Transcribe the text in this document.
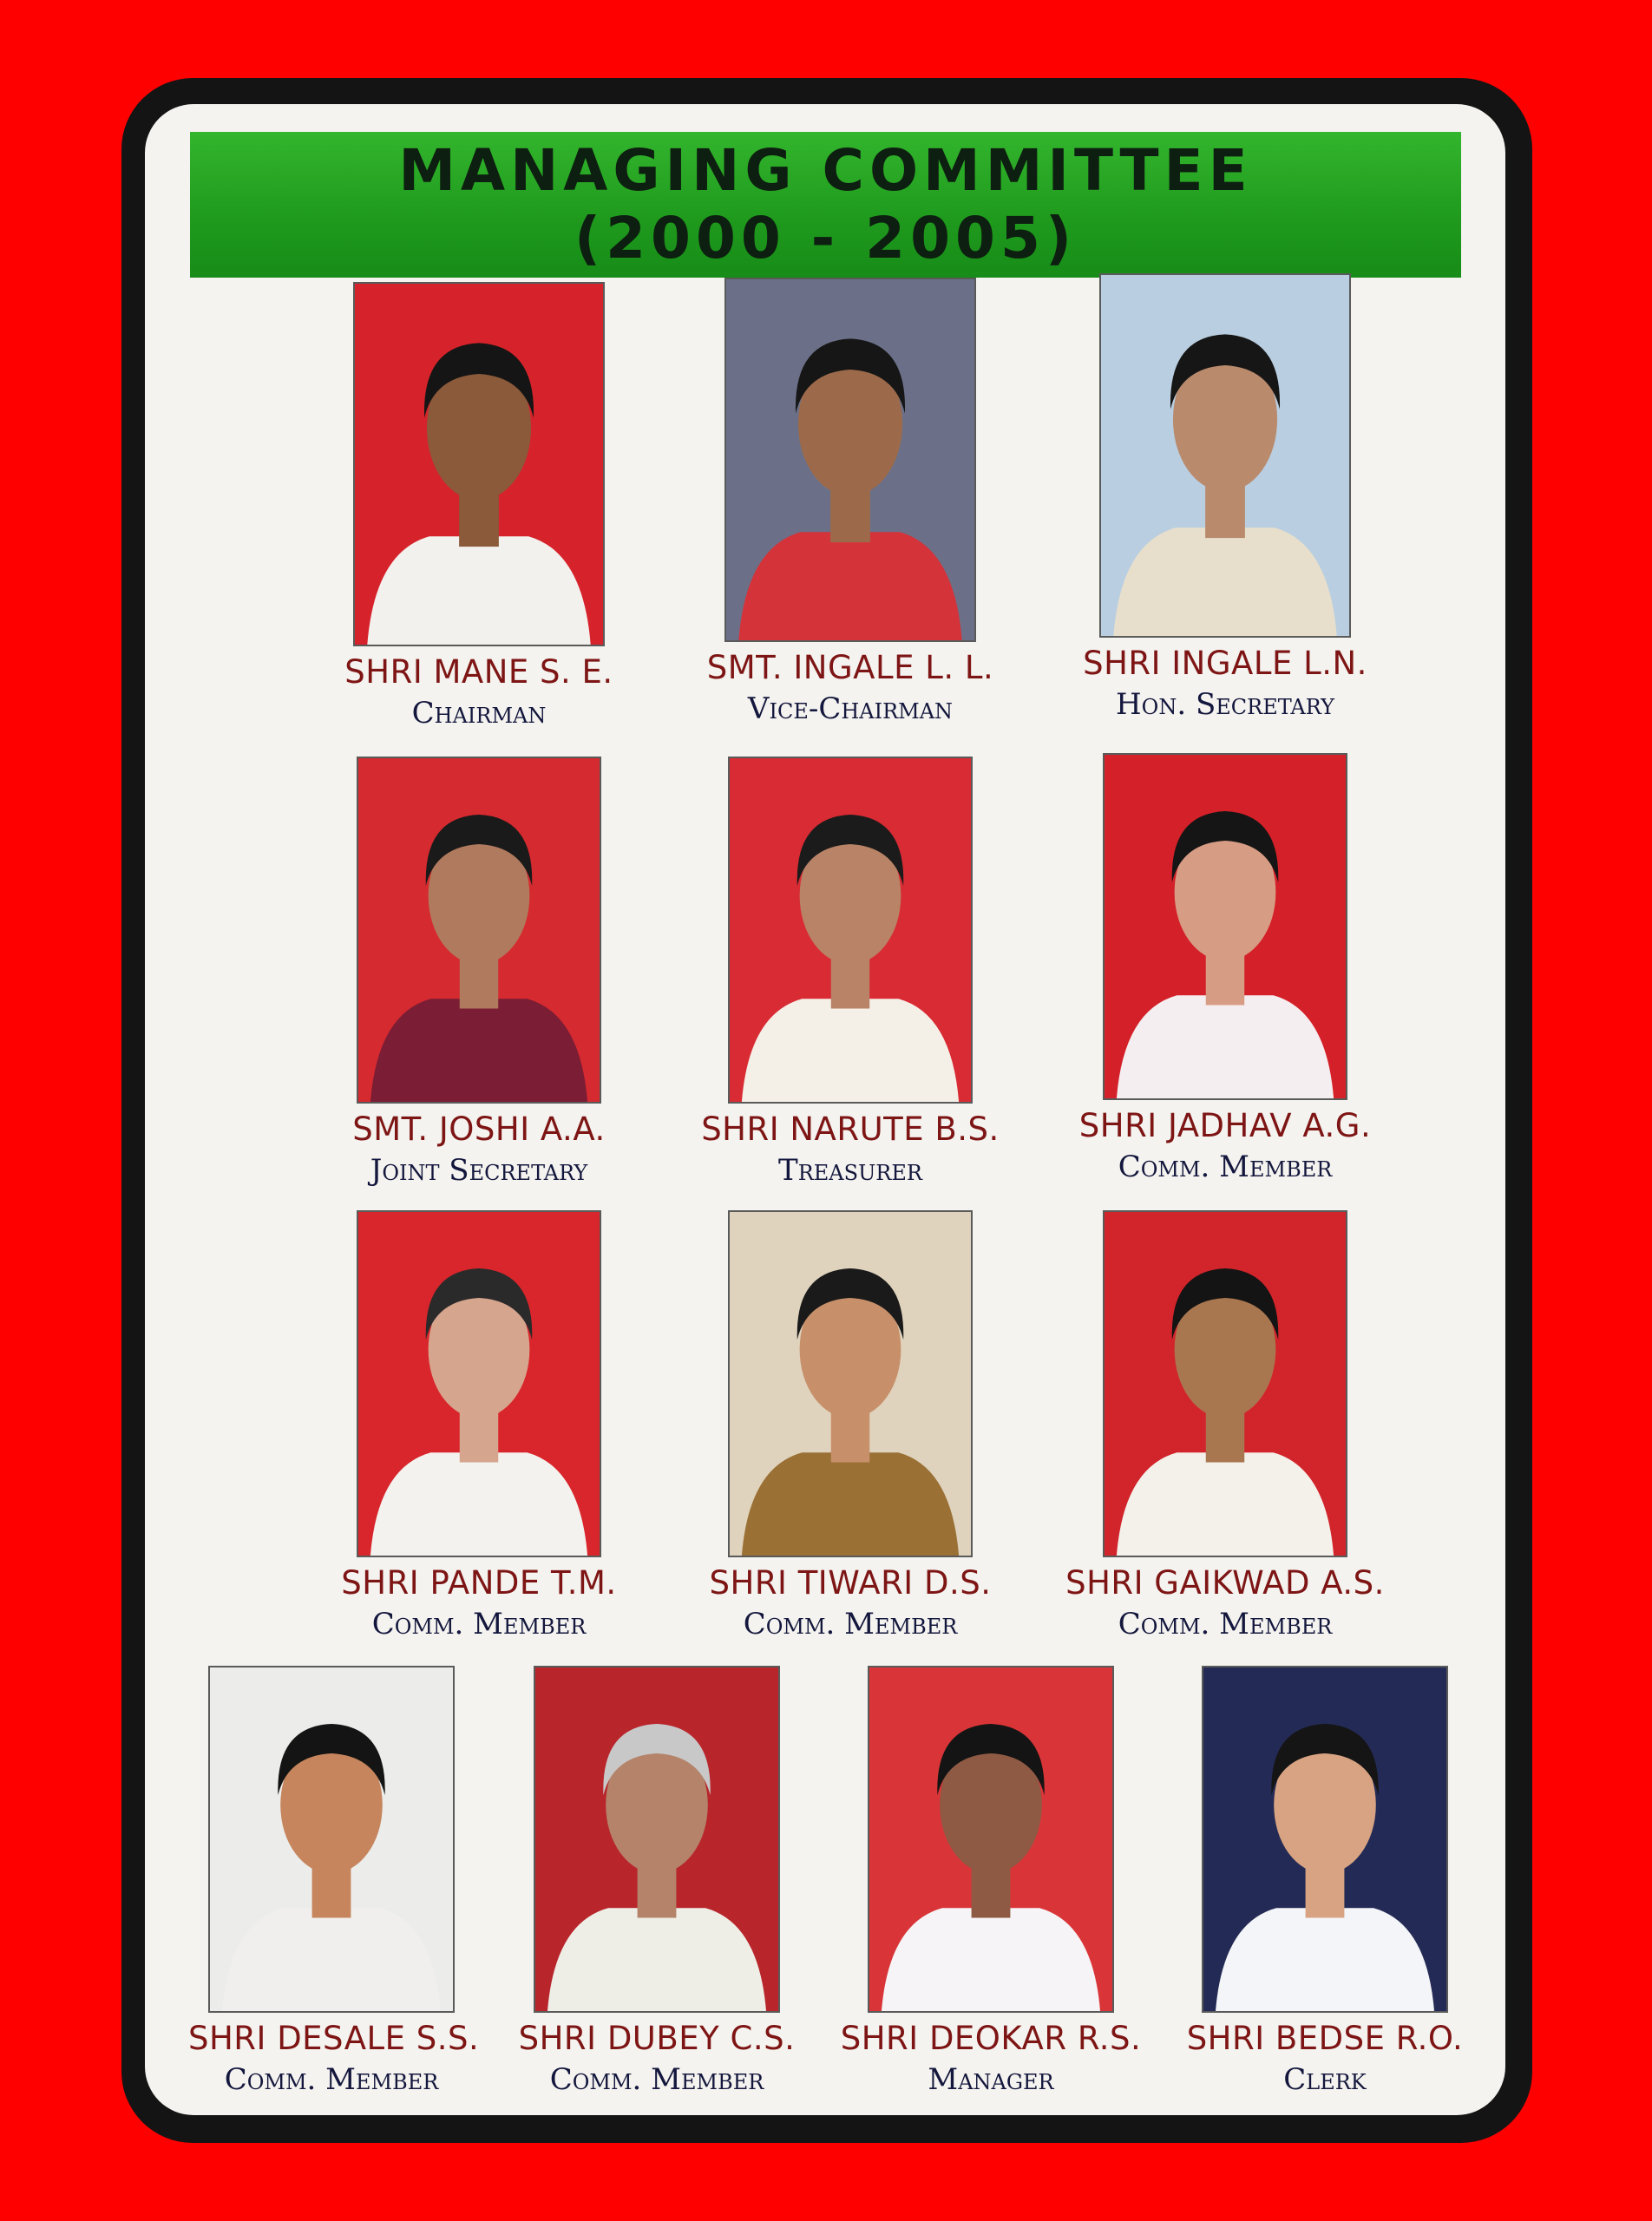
MANAGING COMMITTEE
(2000 - 2005)
SHRI MANE S. E.
Chairman
SMT. INGALE L. L.
Vice-Chairman
SHRI INGALE L.N.
Hon. Secretary
SMT. JOSHI A.A.
Joint Secretary
SHRI NARUTE B.S.
Treasurer
SHRI JADHAV A.G.
Comm. Member
SHRI PANDE T.M.
Comm. Member
SHRI TIWARI D.S.
Comm. Member
SHRI GAIKWAD A.S.
Comm. Member
SHRI DESALE S.S.
Comm. Member
SHRI DUBEY C.S.
Comm. Member
SHRI DEOKAR R.S.
Manager
SHRI BEDSE R.O.
Clerk
